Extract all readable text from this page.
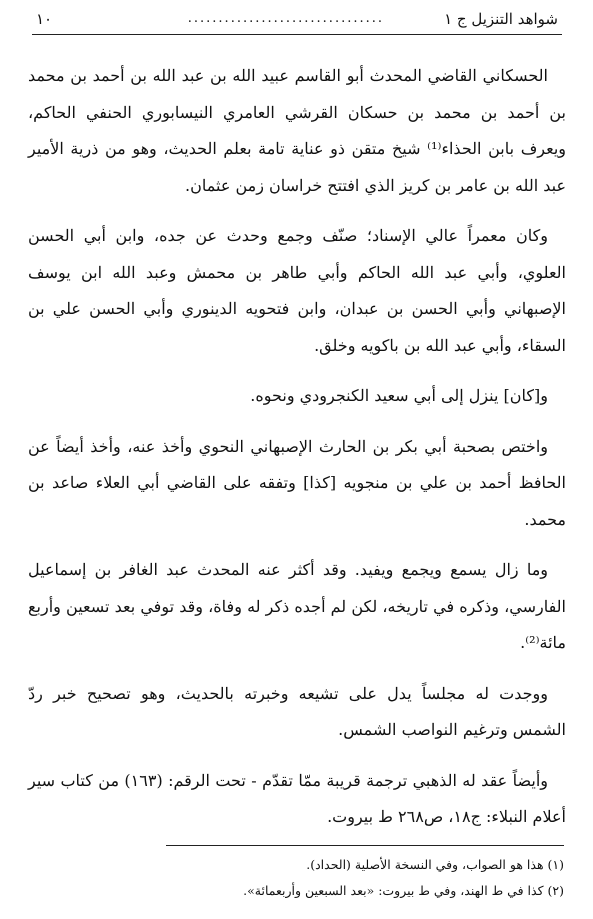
شواهد التنزيل ج ١
................................
١٠

الحسكاني القاضي المحدث أبو القاسم عبيد الله بن عبد الله بن أحمد بن محمد بن أحمد بن محمد بن حسكان القرشي العامري النيسابوري الحنفي الحاكم، ويعرف بابن الحذاء⁽¹⁾ شيخ متقن ذو عناية تامة بعلم الحديث، وهو من ذرية الأمير عبد الله بن عامر بن كريز الذي افتتح خراسان زمن عثمان.

وكان معمراً عالي الإسناد؛ صنّف وجمع وحدث عن جده، وابن أبي الحسن العلوي، وأبي عبد الله الحاكم وأبي طاهر بن محمش وعبد الله ابن يوسف الإصبهاني وأبي الحسن بن عبدان، وابن فتحويه الدينوري وأبي الحسن علي بن السقاء، وأبي عبد الله بن باكويه وخلق.

و[كان] ينزل إلى أبي سعيد الكنجرودي ونحوه.

واختص بصحبة أبي بكر بن الحارث الإصبهاني النحوي وأخذ عنه، وأخذ أيضاً عن الحافظ أحمد بن علي بن منجويه [كذا] وتفقه على القاضي أبي العلاء صاعد بن محمد.

وما زال يسمع ويجمع ويفيد. وقد أكثر عنه المحدث عبد الغافر بن إسماعيل الفارسي، وذكره في تاريخه، لكن لم أجده ذكر له وفاة، وقد توفي بعد تسعين وأربع مائة⁽²⁾.

ووجدت له مجلساً يدل على تشيعه وخبرته بالحديث، وهو تصحيح خبر ردّ الشمس وترغيم النواصب الشمس.

وأيضاً عقد له الذهبي ترجمة قريبة ممّا تقدّم - تحت الرقم: (١٦٣) من كتاب سير أعلام النبلاء: ج١٨، ص٢٦٨ ط بيروت.

(١) هذا هو الصواب، وفي النسخة الأصلية (الحداد).
(٢) كذا في ط الهند، وفي ط بيروت: «بعد السبعين وأربعمائة».
